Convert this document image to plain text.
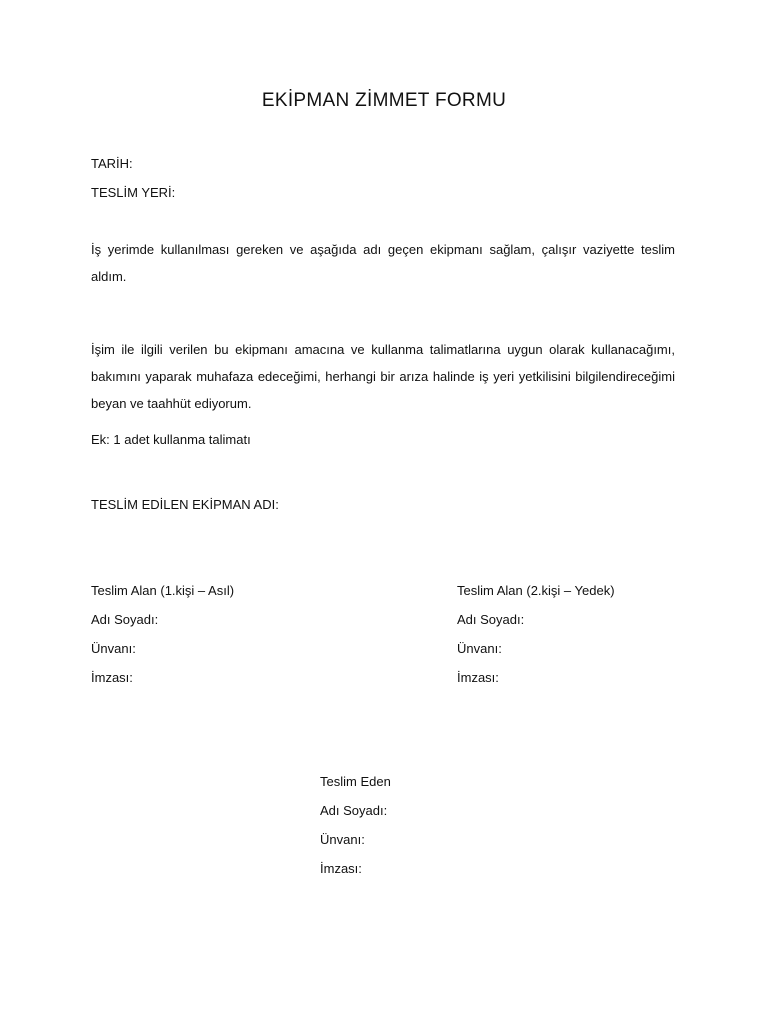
EKİPMAN ZİMMET FORMU
TARİH:
TESLİM YERİ:

İş yerimde kullanılması gereken ve aşağıda adı geçen ekipmanı sağlam, çalışır vaziyette teslim aldım.

İşim ile ilgili verilen bu ekipmanı amacına ve kullanma talimatlarına uygun olarak kullanacağımı, bakımını yaparak muhafaza edeceğimi, herhangi bir arıza halinde iş yeri yetkilisini bilgilendireceğimi beyan ve taahhüt ediyorum.

Ek: 1 adet kullanma talimatı
TESLİM EDİLEN EKİPMAN ADI:
Teslim Alan (1.kişi – Asıl)
Adı Soyadı:
Ünvanı:
İmzası:
Teslim Alan (2.kişi – Yedek)
Adı Soyadı:
Ünvanı:
İmzası:
Teslim Eden
Adı Soyadı:
Ünvanı:
İmzası:
